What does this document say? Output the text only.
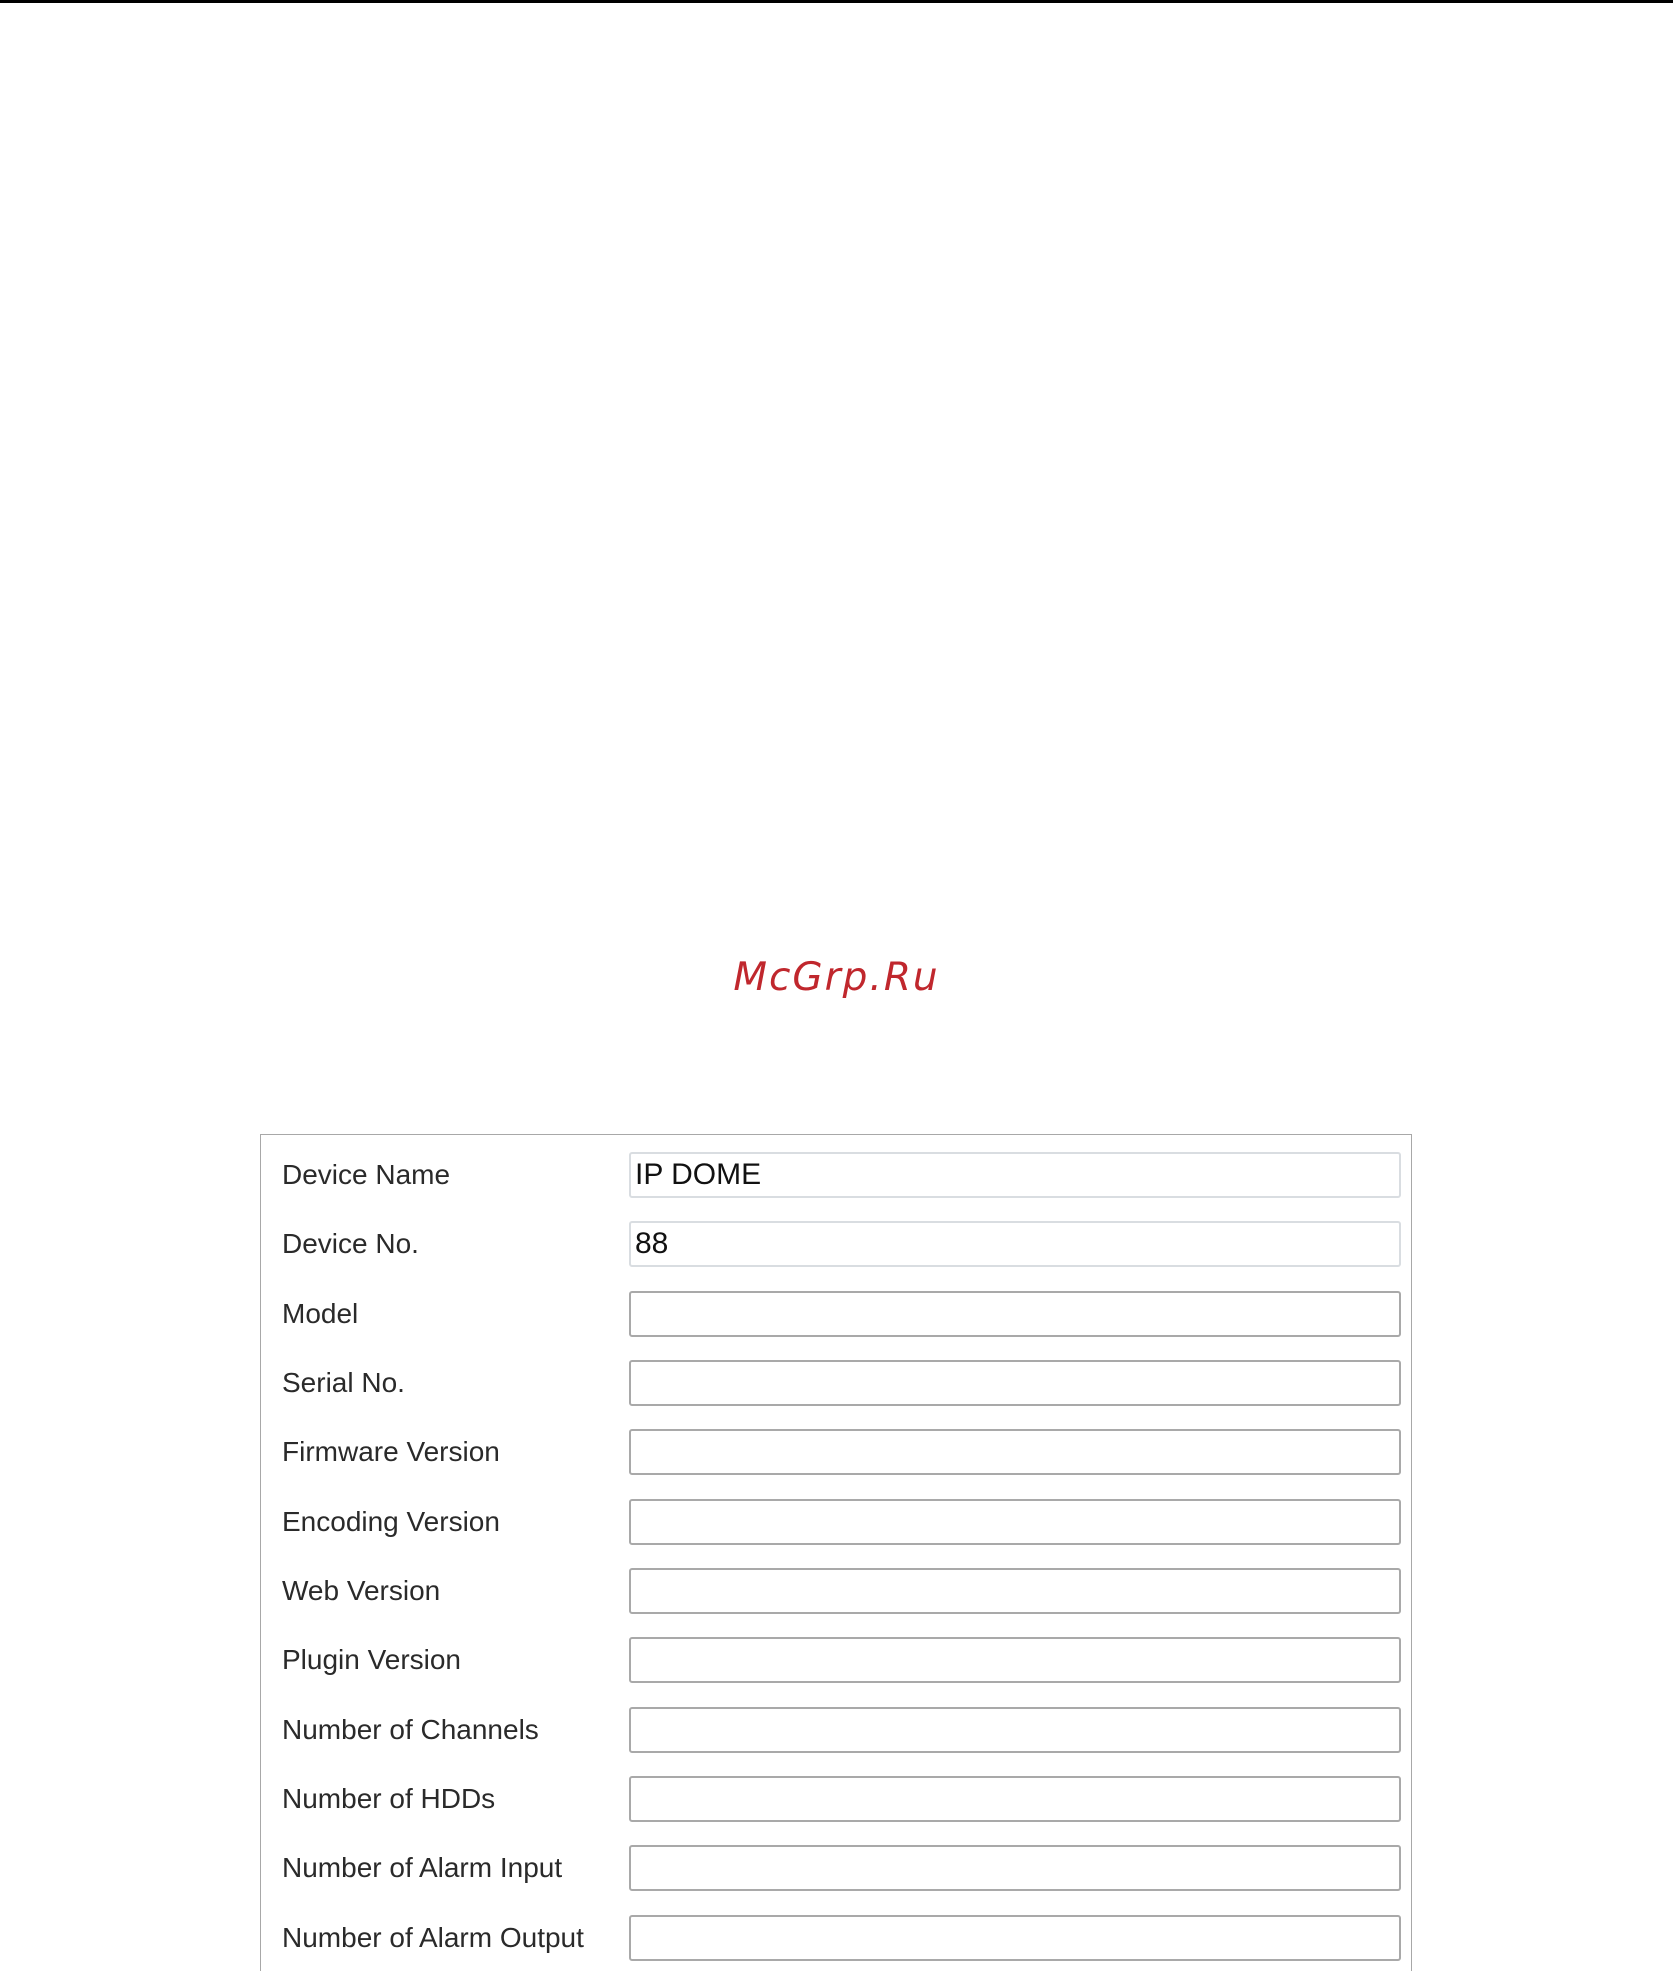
McGrp.Ru
Device Name	IP DOME
Device No.	88
Model
Serial No.
Firmware Version
Encoding Version
Web Version
Plugin Version
Number of Channels
Number of HDDs
Number of Alarm Input
Number of Alarm Output
